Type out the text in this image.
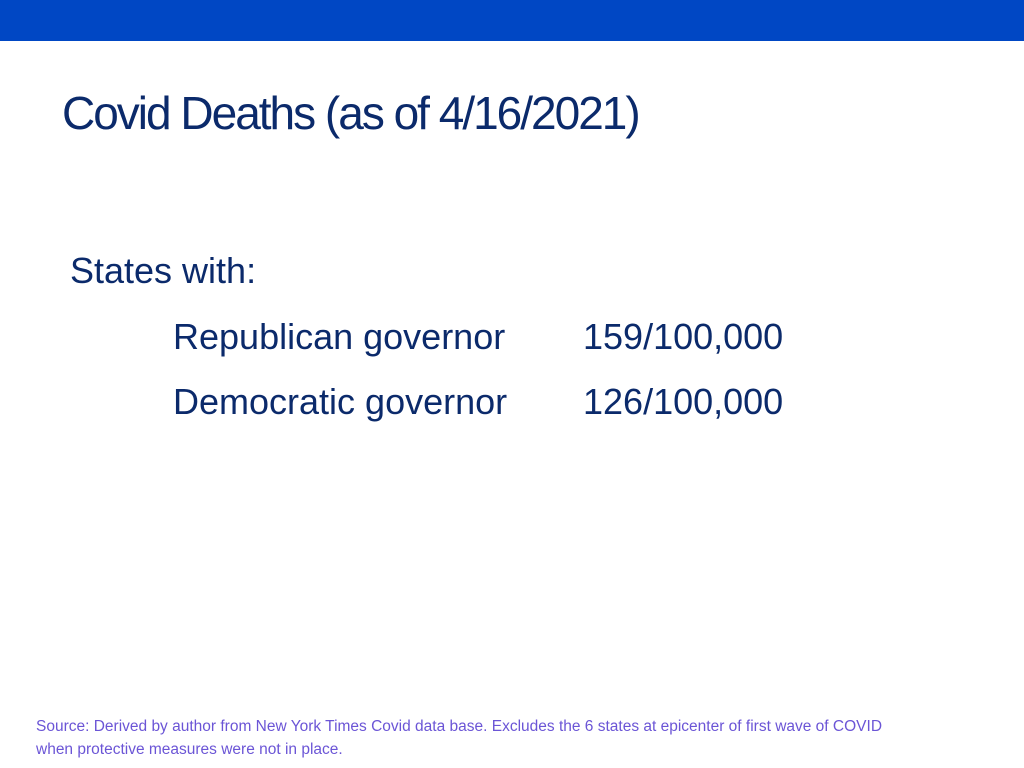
Covid Deaths (as of 4/16/2021)
States with:
Republican governor 159/100,000
Democratic governor 126/100,000
Source: Derived by author from New York Times Covid data base. Excludes the 6 states at epicenter of first wave of COVID when protective measures were not in place.
